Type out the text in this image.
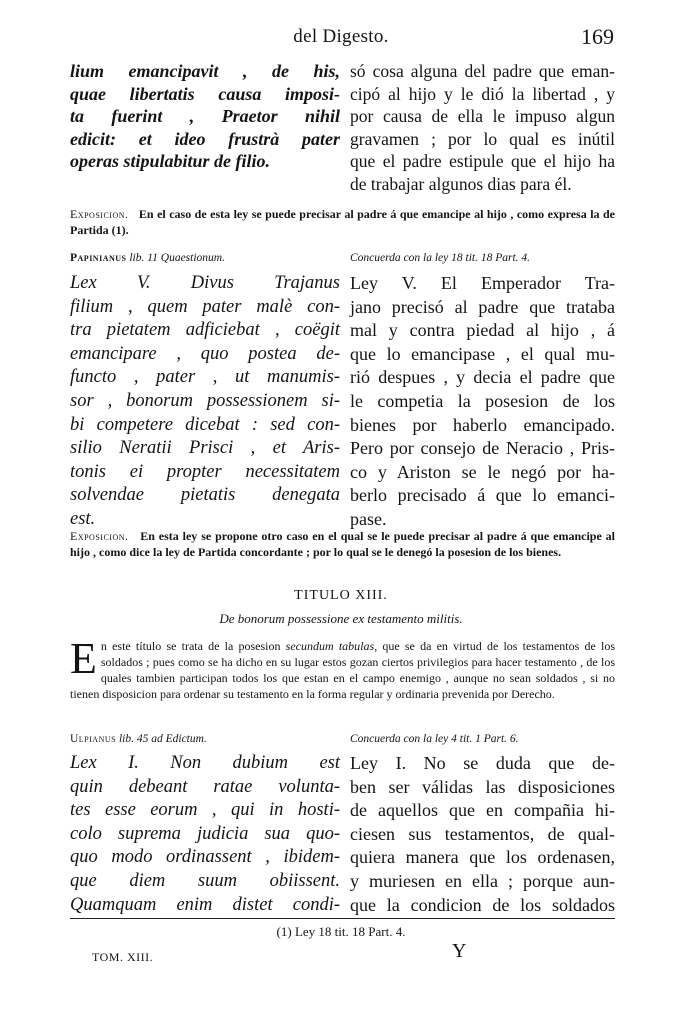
del Digesto.	169
lium emancipavit , de his,
quae libertatis causa imposi-
ta fuerint , Praetor nihil
edicit: et ideo frustrà pater
operas stipulabitur de filio.
só cosa alguna del padre que eman-
cipó al hijo y le dió la libertad , y
por causa de ella le impuso algun
gravamen ; por lo qual es inútil
que el padre estipule que el hijo ha
de trabajar algunos dias para él.
Exposicion. En el caso de esta ley se puede precisar al padre á que emancipe al hijo , como expresa la de Partida (1).
Papinianus lib. 11 Quaestionum.	Concuerda con la ley 18 tit. 18 Part. 4.
Lex V. Divus Trajanus
filium , quem pater malè con-
tra pietatem adficiebat , coëgit
emancipare , quo postea de-
functo , pater , ut manumis-
sor , bonorum possessionem si-
bi competere dicebat : sed con-
silio Neratii Prisci , et Aris-
tonis ei propter necessitatem
solvendae pietatis denegata
est.
Ley V. El Emperador Tra-
jano precisó al padre que trataba
mal y contra piedad al hijo , á
que lo emancipase , el qual mu-
rió despues , y decia el padre que
le competia la posesion de los
bienes por haberlo emancipado.
Pero por consejo de Neracio , Pris-
co y Ariston se le negó por ha-
berlo precisado á que lo emanci-
pase.
Exposicion. En esta ley se propone otro caso en el qual se le puede precisar al padre á que emancipe al hijo , como dice la ley de Partida concordante ; por lo qual se le denegó la posesion de los bienes.
TITULO XIII.
De bonorum possessione ex testamento militis.
En este título se trata de la posesion secundum tabulas, que se da en virtud de los testamentos de los soldados ; pues como se ha dicho en su lugar estos gozan ciertos privilegios para hacer testamento , de los quales tambien participan todos los que estan en el campo enemigo , aunque no sean soldados , si no tienen disposicion para ordenar su testamento en la forma regular y ordinaria prevenida por Derecho.
Ulpianus lib. 45 ad Edictum.	Concuerda con la ley 4 tit. 1 Part. 6.
Lex I. Non dubium est
quin debeant ratae volunta-
tes esse eorum , qui in hosti-
colo suprema judicia sua quo-
quo modo ordinassent , ibidem-
que diem suum obiissent.
Quamquam enim distet condi-
Ley I. No se duda que de-
ben ser válidas las disposiciones
de aquellos que en compañia hi-
ciesen sus testamentos, de qual-
quiera manera que los ordenasen,
y muriesen en ella ; porque aun-
que la condicion de los soldados
(1) Ley 18 tit. 18 Part. 4.
TOM. XIII.	Y
